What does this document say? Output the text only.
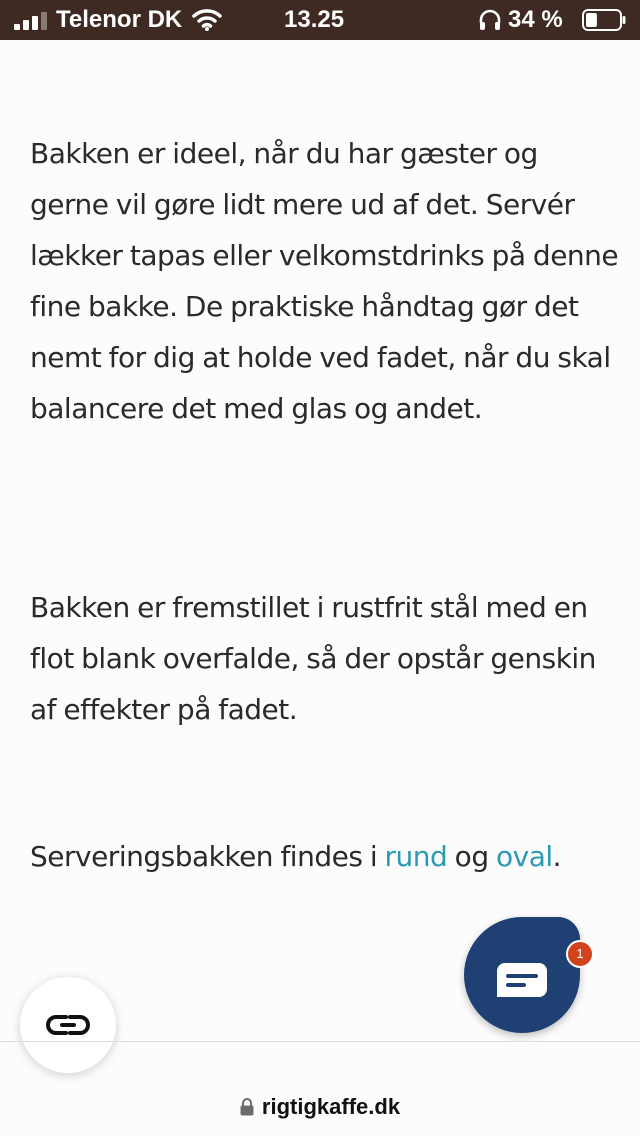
Telenor DK	13.25	34 %

Bakken er ideel, når du har gæster og gerne vil gøre lidt mere ud af det. Servér lækker tapas eller velkomstdrinks på denne fine bakke. De praktiske håndtag gør det nemt for dig at holde ved fadet, når du skal balancere det med glas og andet.

Bakken er fremstillet i rustfrit stål med en flot blank overfalde, så der opstår genskin af effekter på fadet.

Serveringsbakken findes i rund og oval.

1
rigtigkaffe.dk
